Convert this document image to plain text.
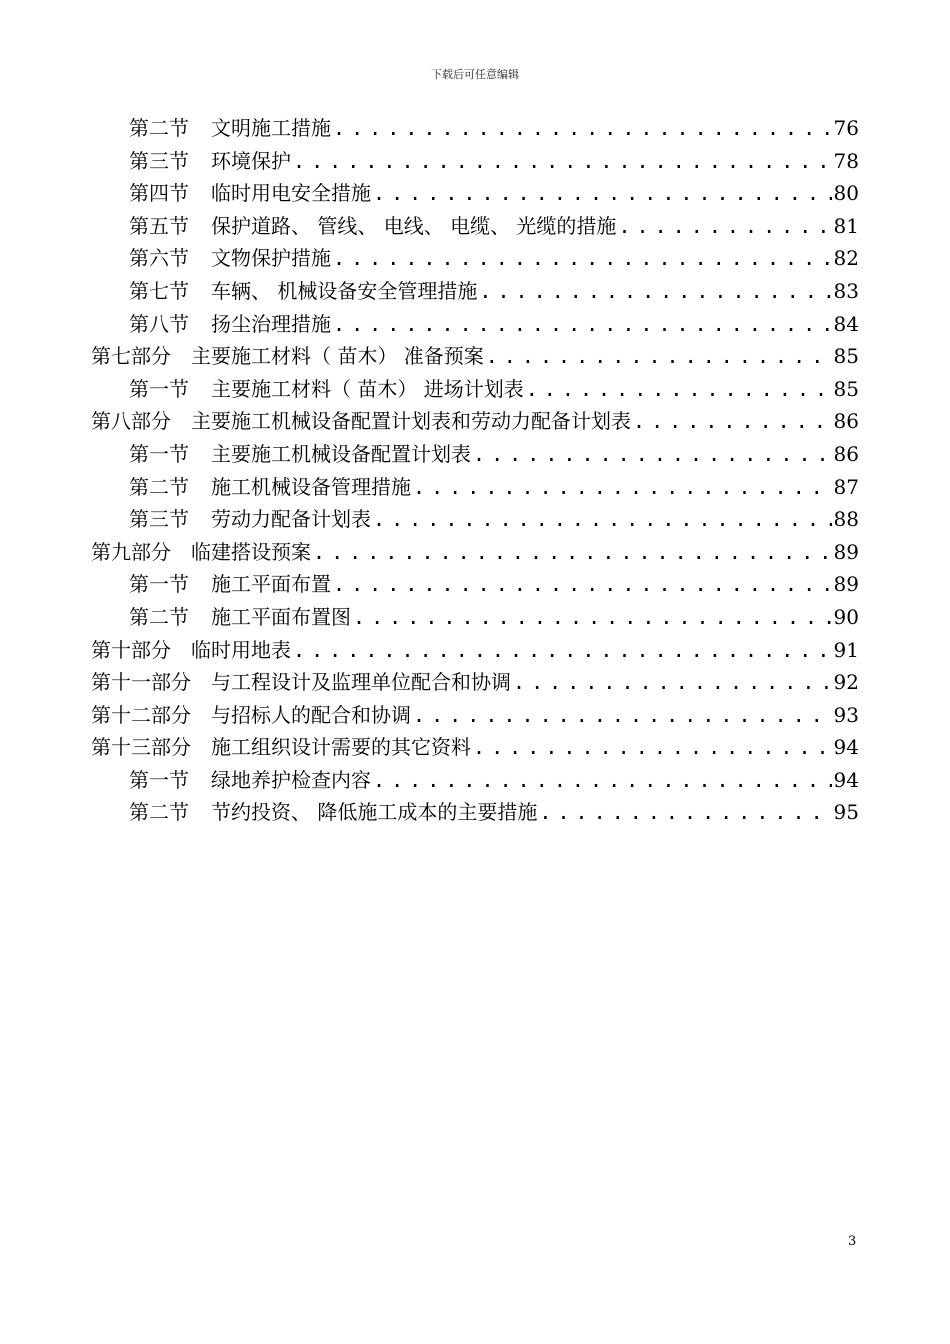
下载后可任意编辑
第二节 文明施工措施 . . .	76
第三节 环境保护 . . .	78
第四节 临时用电安全措施 . . .	80
第五节 保护道路、 管线、 电线、 电缆、 光缆的措施 . . .	81
第六节 文物保护措施 . . .	82
第七节 车辆、 机械设备安全管理措施 . . .	83
第八节 扬尘治理措施 . . .	84
第七部分 主要施工材料（ 苗木） 准备预案 . . .	85
第一节 主要施工材料（ 苗木） 进场计划表 . . .	85
第八部分 主要施工机械设备配置计划表和劳动力配备计划表 . . .	86
第一节 主要施工机械设备配置计划表 . . .	86
第二节 施工机械设备管理措施 . . .	87
第三节 劳动力配备计划表 . . .	88
第九部分 临建搭设预案 . . .	89
第一节 施工平面布置 . . .	89
第二节 施工平面布置图 . . .	90
第十部分 临时用地表 . . .	91
第十一部分 与工程设计及监理单位配合和协调 . . .	92
第十二部分 与招标人的配合和协调 . . .	93
第十三部分 施工组织设计需要的其它资料 . . .	94
第一节 绿地养护检查内容 . . .	94
第二节 节约投资、 降低施工成本的主要措施 . . .	95
3
